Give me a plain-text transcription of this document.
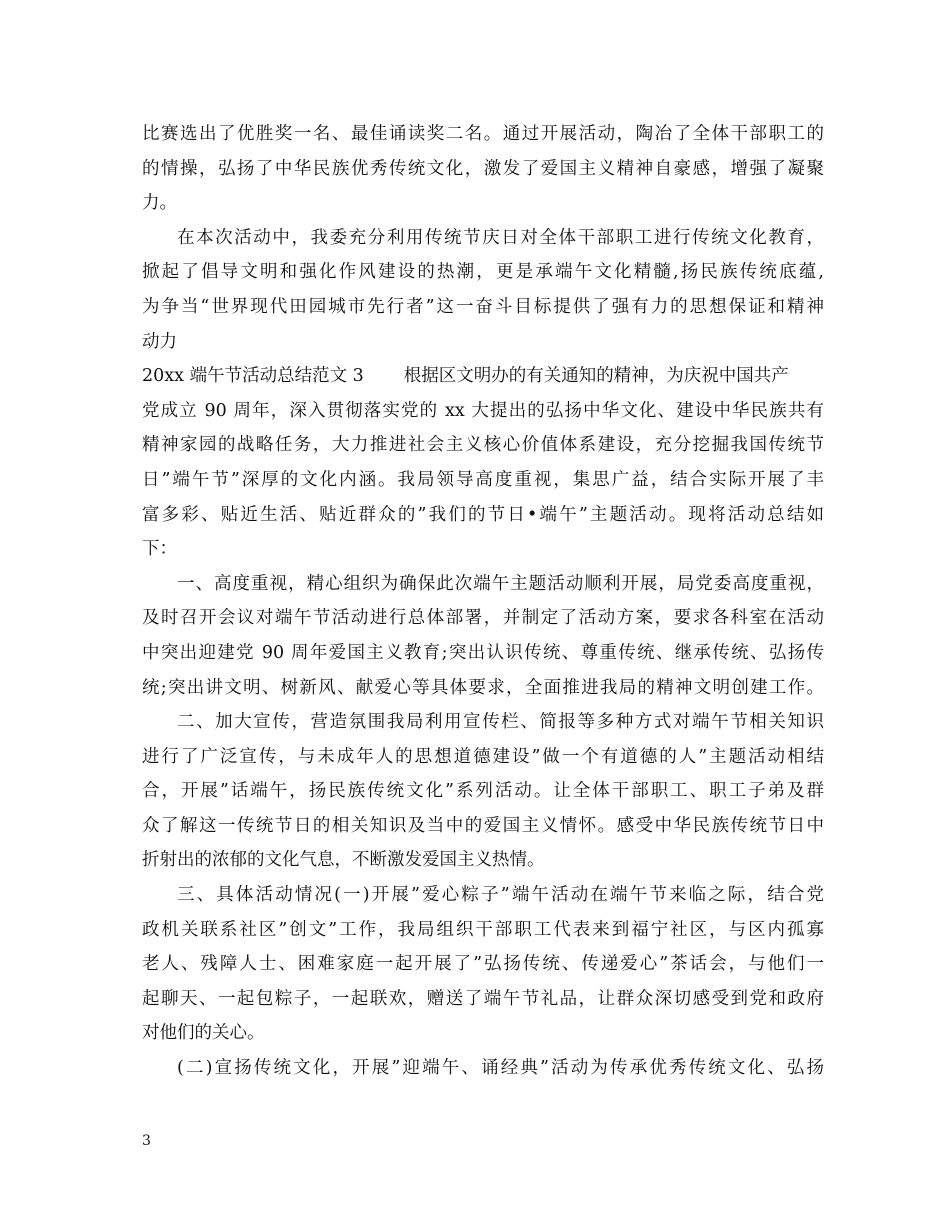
比赛选出了优胜奖一名、最佳诵读奖二名。通过开展活动，陶冶了全体干部职工的
的情操，弘扬了中华民族优秀传统文化，激发了爱国主义精神自豪感，增强了凝聚
力。
在本次活动中，我委充分利用传统节庆日对全体干部职工进行传统文化教育，
掀起了倡导文明和强化作风建设的热潮，更是承端午文化精髓,扬民族传统底蕴,
为争当“世界现代田园城市先行者”这一奋斗目标提供了强有力的思想保证和精神
动力
20xx 端午节活动总结范文 3 根据区文明办的有关通知的精神，为庆祝中国共产
党成立 90 周年，深入贯彻落实党的 xx 大提出的弘扬中华文化、建设中华民族共有
精神家园的战略任务，大力推进社会主义核心价值体系建设，充分挖掘我国传统节
日”端午节”深厚的文化内涵。我局领导高度重视，集思广益，结合实际开展了丰
富多彩、贴近生活、贴近群众的”我们的节日•端午”主题活动。现将活动总结如
下：
一、高度重视，精心组织为确保此次端午主题活动顺利开展，局党委高度重视，
及时召开会议对端午节活动进行总体部署，并制定了活动方案，要求各科室在活动
中突出迎建党 90 周年爱国主义教育;突出认识传统、尊重传统、继承传统、弘扬传
统;突出讲文明、树新风、献爱心等具体要求，全面推进我局的精神文明创建工作。
二、加大宣传，营造氛围我局利用宣传栏、简报等多种方式对端午节相关知识
进行了广泛宣传，与未成年人的思想道德建设”做一个有道德的人”主题活动相结
合，开展”话端午，扬民族传统文化”系列活动。让全体干部职工、职工子弟及群
众了解这一传统节日的相关知识及当中的爱国主义情怀。感受中华民族传统节日中
折射出的浓郁的文化气息，不断激发爱国主义热情。
三、具体活动情况(一)开展”爱心粽子”端午活动在端午节来临之际，结合党
政机关联系社区”创文”工作，我局组织干部职工代表来到福宁社区，与区内孤寡
老人、残障人士、困难家庭一起开展了”弘扬传统、传递爱心”茶话会，与他们一
起聊天、一起包粽子，一起联欢，赠送了端午节礼品，让群众深切感受到党和政府
对他们的关心。
(二)宣扬传统文化，开展”迎端午、诵经典”活动为传承优秀传统文化、弘扬
3
